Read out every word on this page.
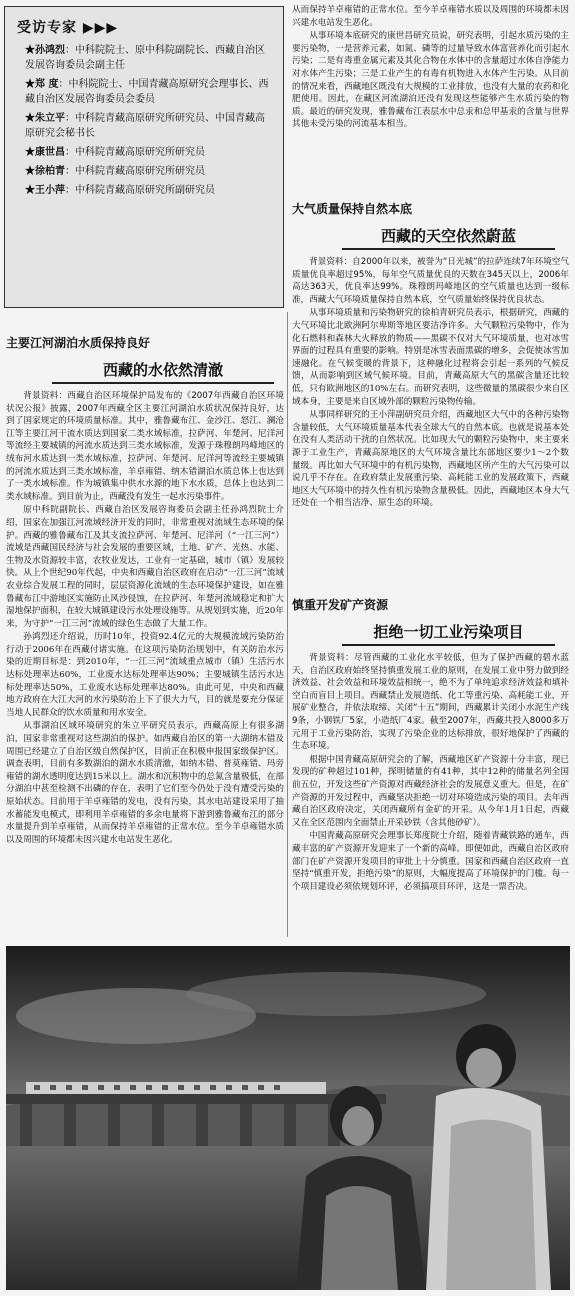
受访专家 ▶▶▶

★孙鸿烈：中科院院士、原中科院副院长、西藏自治区发展咨询委员会副主任

★郑 度：中科院院士、中国青藏高原研究会理事长、西藏自治区发展咨询委员会委员

★朱立平：中科院青藏高原研究所研究员、中国青藏高原研究会秘书长

★康世昌：中科院青藏高原研究所研究员

★徐柏青：中科院青藏高原研究所研究员

★王小萍：中科院青藏高原研究所副研究员

主要江河湖泊水质保持良好
西藏的水依然清澈

背景资料：西藏自治区环境保护局发布的《2007年西藏自治区环境状况公报》披露，2007年西藏全区主要江河湖泊水质状况保持良好，达到了国家规定的环境质量标准。其中，雅鲁藏布江、金沙江、怒江、澜沧江等主要江河干流水质达到国家二类水域标准，拉萨河、年楚河、尼洋河等流经主要城镇的河流水质达到三类水域标准，发源于珠穆朗玛峰地区的绒布河水质达到一类水域标准，拉萨河、年楚河、尼洋河等流经主要城镇的河流水质达到三类水域标准，羊卓雍错、纳木错湖泊水质总体上也达到了一类水域标准。作为城镇集中供水水源的地下水水质，总体上也达到二类水域标准。到目前为止，西藏没有发生一起水污染事件。

原中科院副院长、西藏自治区发展咨询委员会副主任孙鸿烈院士介绍，国家在加强江河流域经济开发的同时，非常重视对流域生态环境的保护。西藏的雅鲁藏布江及其支流拉萨河、年楚河、尼洋河（“一江三河”）流域是西藏国民经济与社会发展的重要区域，土地、矿产、光热、水能、生物及水资源较丰富，农牧业发达，工业有一定基础，城市（镇）发展较快。从上个世纪90年代起，中央和西藏自治区政府在启动“一江三河”流域农业综合发展工程的同时，层层资源化流域的生态环境保护建设，如在雅鲁藏布江中游地区实施防止风沙侵蚀，在拉萨河、年楚河流域稳定和扩大湿地保护面积，在较大城镇建设污水处理设施等。从规划到实施，近20年来，为守护“一江三河”流域的绿色生态做了大量工作。

孙鸿烈还介绍说，历时10年，投资92.4亿元的大规模流域污染防治行动于2006年在西藏付诸实施。在这项污染防治规划中，有关防治水污染的近期目标是：到2010年，“一江三河”流域重点城市（镇）生活污水达标处理率达60%，工业废水达标处理率达90%；主要城镇生活污水达标处理率达50%，工业废水达标处理率达80%。由此可见，中央和西藏地方政府在大江大河的水污染防治上下了很大力气，目的就是要充分保证当地人民群众的饮水质量和用水安全。

从事湖泊区域环境研究的朱立平研究员表示，西藏高原上有很多湖泊，国家非常重视对这些湖泊的保护。如西藏自治区的第一大湖纳木错及周围已经建立了自治区级自然保护区，目前正在积极申报国家级保护区。调查表明，目前有多数湖泊的湖水水质清澈，如纳木错、普莫雍错、玛旁雍错的湖水透明度达到15米以上。湖水和沉积物中的总氮含量极低，在部分湖泊中甚至检测不出磷的存在，表明了它们至今仍处于没有遭受污染的原始状态。目前用于羊卓雍错的发电，没有污染，其水电站建设采用了抽水蓄能发电模式，即利用羊卓雍错的多余电量将下游到雅鲁藏布江的部分水量提升到羊卓雍错，从而保持羊卓雍错的正常水位。至今羊卓雍错水质以及周围的环境都未因兴建水电站发生恶化。

从而保持羊卓雍错的正常水位。至今羊卓雍错水质以及周围的环境都未因兴建水电站发生恶化。

从事环境本底研究的康世昌研究员说，研究表明，引起水质污染的主要污染物，一是营养元素，如氮、磷等的过量导致水体富营养化而引起水污染；二是有毒重金属元素及其化合物在水体中的含量超过水体自净能力对水体产生污染；三是工业产生的有毒有机物进入水体产生污染。从目前的情况来看，西藏地区既没有大规模的工业排放，也没有大量的农药和化肥使用。因此，在藏区河流湖泊还没有发现这些能够产生水质污染的物质。最近的研究发现，雅鲁藏布江表层水中总汞和总甲基汞的含量与世界其他未受污染的河流基本相当。

大气质量保持自然本底
西藏的天空依然蔚蓝

背景资料：自2000年以来，被誉为“日光城”的拉萨连续7年环境空气质量优良率超过95%，每年空气质量优良的天数在345天以上，2006年高达363天，优良率达99%。珠穆朗玛峰地区的空气质量也达到一级标准，西藏大气环境质量保持自然本底，空气质量始终保持优良状态。

从事环境质量和污染物研究的徐柏青研究员表示，根据研究，西藏的大气环境比北欧洲阿尔卑斯等地区要洁净许多。大气颗粒污染物中，作为化石燃料和森林大火释放的物质——黑碳不仅对大气环境质量，也对冰雪界面的过程具有重要的影响。特别是冰雪表面黑碳的增多，会促使冰雪加速融化。在气候变暖的背景下，这种融化过程将会引起一系列的气候反馈，从而影响到区域气候环境。目前，青藏高原大气的黑碳含量还比较低，只有欧洲地区的10%左右。而研究表明，这些微量的黑碳很少来自区域本身，主要是来自区域外部的颗粒污染物传输。

从事同样研究的王小萍副研究员介绍，西藏地区大气中的各种污染物含量较低，大气环境质量基本代表全球大气的自然本底。也就是说基本处在没有人类活动干扰的自然状况。比如现大气的颗粒污染物中，来主要来源于工业生产，青藏高原地区的大气环境含量比东部地区要少1～2个数量级。再比如大气环境中的有机污染物，西藏地区所产生的大气污染可以说几乎不存在。在政府禁止发展重污染、高耗能工业的发展政策下，西藏地区大气环境中的持久性有机污染物含量极低。因此，西藏地区本身大气还处在一个相当洁净、原生态的环境。

慎重开发矿产资源
拒绝一切工业污染项目

背景资料：尽管西藏的工业化水平较低，但为了保护西藏的碧水蓝天，自治区政府始终坚持慎重发展工业的原则，在发展工业中努力做到经济效益、社会效益和环境效益相统一，绝不为了单纯追求经济效益和填补空白而盲目上项目。西藏禁止发展造纸、化工等重污染、高耗能工业，开展矿业整合，并依法取缔、关闭“十五”期间，西藏累计关闭小水泥生产线9条，小钢铁厂5家，小造纸厂4家。截至2007年，西藏共投入8000多万元用于工业污染防治，实现了污染企业的达标排放，很好地保护了西藏的生态环境。

根据中国青藏高原研究会的了解，西藏地区矿产资源十分丰富，现已发现的矿种超过101种，探明储量的有41种，其中12种的储量名列全国前五位，开发这些矿产资源对西藏经济社会的发展意义重大。但是，在矿产资源的开发过程中，西藏坚决拒绝一切对环境造成污染的项目。去年西藏自治区政府决定，关闭西藏所有金矿的开采。从今年1月1日起，西藏又在全区范围内全面禁止开采砂铁（含其他砂矿）。

中国青藏高原研究会理事长郑度院士介绍，随着青藏铁路的通车，西藏丰富的矿产资源开发迎来了一个新的高峰。即便如此，西藏自治区政府部门在矿产资源开发项目的审批上十分慎重。国家和西藏自治区政府一直坚持“慎重开发，拒绝污染”的原则，大幅度提高了环境保护的门槛。每一个项目建设必须依规划环评，必须搞项目环评，这是一票否决。
